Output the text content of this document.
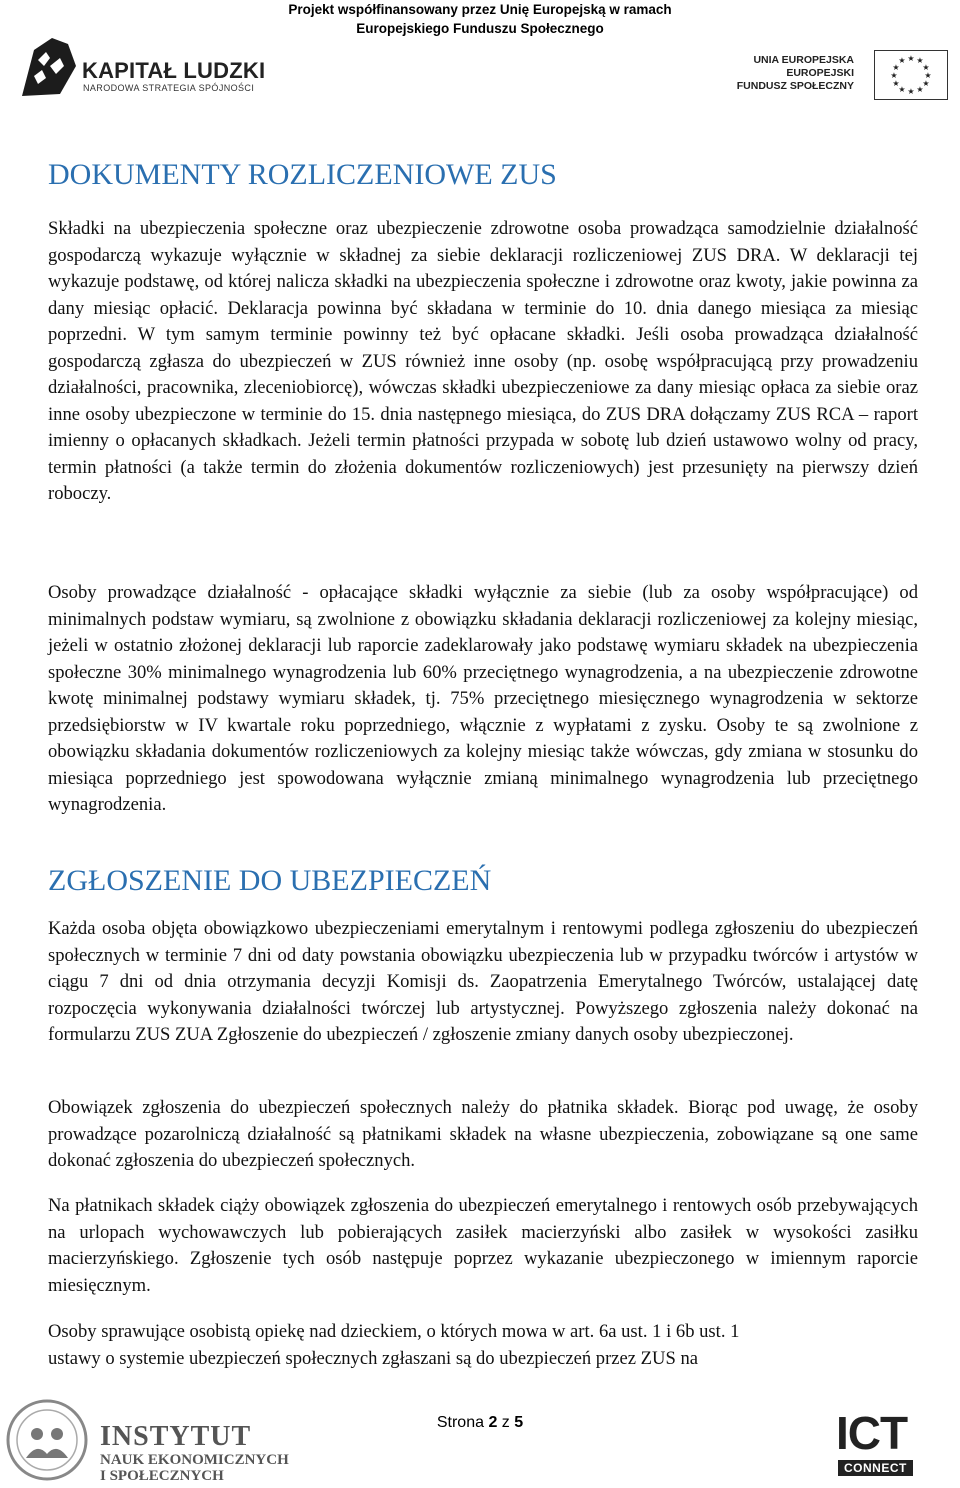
Projekt współfinansowany przez Unię Europejską w ramach
Europejskiego Funduszu Społecznego
KAPITAŁ LUDZKI
NARODOWA STRATEGIA SPÓJNOŚCI
UNIA EUROPEJSKA
EUROPEJSKI
FUNDUSZ SPOŁECZNY
★ ★
★
★
★
★
★
★
★
★
★
★
DOKUMENTY ROZLICZENIOWE ZUS

Składki na ubezpieczenia społeczne oraz ubezpieczenie zdrowotne osoba prowadząca samodzielnie działalność gospodarczą wykazuje wyłącznie w składnej za siebie deklaracji rozliczeniowej ZUS DRA. W deklaracji tej wykazuje podstawę, od której nalicza składki na ubezpieczenia społeczne i zdrowotne oraz kwoty, jakie powinna za dany miesiąc opłacić. Deklaracja powinna być składana w terminie do 10. dnia danego miesiąca za miesiąc poprzedni. W tym samym terminie powinny też być opłacane składki. Jeśli osoba prowadząca działalność gospodarczą zgłasza do ubezpieczeń w ZUS również inne osoby (np. osobę współpracującą przy prowadzeniu działalności, pracownika, zleceniobiorcę), wówczas składki ubezpieczeniowe za dany miesiąc opłaca za siebie oraz inne osoby ubezpieczone w terminie do 15. dnia następnego miesiąca, do ZUS DRA dołączamy ZUS RCA – raport imienny o opłacanych składkach. Jeżeli termin płatności przypada w sobotę lub dzień ustawowo wolny od pracy, termin płatności (a także termin do złożenia dokumentów rozliczeniowych) jest przesunięty na pierwszy dzień roboczy.

Osoby prowadzące działalność - opłacające składki wyłącznie za siebie (lub za osoby współpracujące) od minimalnych podstaw wymiaru, są zwolnione z obowiązku składania deklaracji rozliczeniowej za kolejny miesiąc, jeżeli w ostatnio złożonej deklaracji lub raporcie zadeklarowały jako podstawę wymiaru składek na ubezpieczenia społeczne 30% minimalnego wynagrodzenia lub 60% przeciętnego wynagrodzenia, a na ubezpieczenie zdrowotne kwotę minimalnej podstawy wymiaru składek, tj. 75% przeciętnego miesięcznego wynagrodzenia w sektorze przedsiębiorstw w IV kwartale roku poprzedniego, włącznie z wypłatami z zysku. Osoby te są zwolnione z obowiązku składania dokumentów rozliczeniowych za kolejny miesiąc także wówczas, gdy zmiana w stosunku do miesiąca poprzedniego jest spowodowana wyłącznie zmianą minimalnego wynagrodzenia lub przeciętnego wynagrodzenia.

ZGŁOSZENIE DO UBEZPIECZEŃ

Każda osoba objęta obowiązkowo ubezpieczeniami emerytalnym i rentowymi podlega zgłoszeniu do ubezpieczeń społecznych w terminie 7 dni od daty powstania obowiązku ubezpieczenia lub w przypadku twórców i artystów w ciągu 7 dni od dnia otrzymania decyzji Komisji ds. Zaopatrzenia Emerytalnego Twórców, ustalającej datę rozpoczęcia wykonywania działalności twórczej lub artystycznej. Powyższego zgłoszenia należy dokonać na formularzu ZUS ZUA Zgłoszenie do ubezpieczeń / zgłoszenie zmiany danych osoby ubezpieczonej.

Obowiązek zgłoszenia do ubezpieczeń społecznych należy do płatnika składek. Biorąc pod uwagę, że osoby prowadzące pozarolniczą działalność są płatnikami składek na własne ubezpieczenia, zobowiązane są one same dokonać zgłoszenia do ubezpieczeń społecznych.

Na płatnikach składek ciąży obowiązek zgłoszenia do ubezpieczeń emerytalnego i rentowych osób przebywających na urlopach wychowawczych lub pobierających zasiłek macierzyński albo zasiłek w wysokości zasiłku macierzyńskiego. Zgłoszenie tych osób następuje poprzez wykazanie ubezpieczonego w imiennym raporcie miesięcznym.

Osoby sprawujące osobistą opiekę nad dzieckiem, o których mowa w art. 6a ust. 1 i 6b ust. 1
ustawy o systemie ubezpieczeń społecznych zgłaszani są do ubezpieczeń przez ZUS na

INSTYTUT
NAUK EKONOMICZNYCH
I SPOŁECZNYCH
Strona 2 z 5	ICT
CONNECT
